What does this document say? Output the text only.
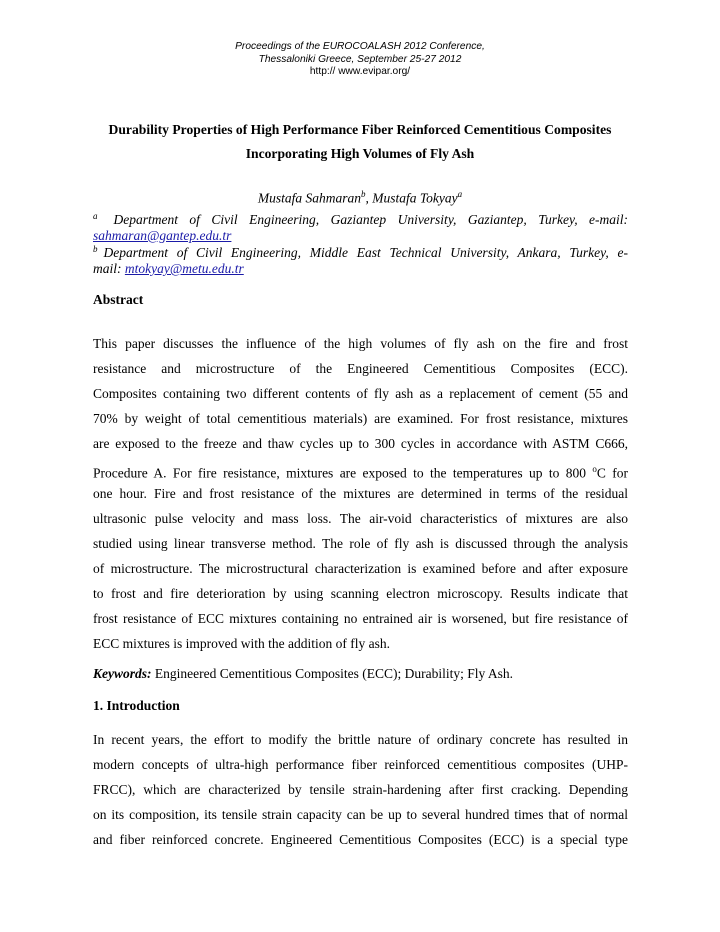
Proceedings of the EUROCOALASH 2012 Conference,
Thessaloniki Greece, September 25-27 2012
http:// www.evipar.org/
Durability Properties of High Performance Fiber Reinforced Cementitious Composites
Incorporating High Volumes of Fly Ash
Mustafa Sahmaran$^b$, Mustafa Tokyay$^a$
$^a$ Department of Civil Engineering, Gaziantep University, Gaziantep, Turkey, e-mail:
sahmaran@gantep.edu.tr
$^b$ Department of Civil Engineering, Middle East Technical University, Ankara, Turkey, e-
mail: mtokyay@metu.edu.tr
Abstract
This paper discusses the influence of the high volumes of fly ash on the fire and frost
resistance and microstructure of the Engineered Cementitious Composites (ECC).
Composites containing two different contents of fly ash as a replacement of cement (55 and
70% by weight of total cementitious materials) are examined. For frost resistance, mixtures
are exposed to the freeze and thaw cycles up to 300 cycles in accordance with ASTM C666,
Procedure A. For fire resistance, mixtures are exposed to the temperatures up to 800 $^o$C for
one hour. Fire and frost resistance of the mixtures are determined in terms of the residual
ultrasonic pulse velocity and mass loss. The air-void characteristics of mixtures are also
studied using linear transverse method. The role of fly ash is discussed through the analysis
of microstructure. The microstructural characterization is examined before and after exposure
to frost and fire deterioration by using scanning electron microscopy. Results indicate that
frost resistance of ECC mixtures containing no entrained air is worsened, but fire resistance of
ECC mixtures is improved with the addition of fly ash.
Keywords: Engineered Cementitious Composites (ECC); Durability; Fly Ash.
1. Introduction
In recent years, the effort to modify the brittle nature of ordinary concrete has resulted in
modern concepts of ultra-high performance fiber reinforced cementitious composites (UHP-
FRCC), which are characterized by tensile strain-hardening after first cracking. Depending
on its composition, its tensile strain capacity can be up to several hundred times that of normal
and fiber reinforced concrete. Engineered Cementitious Composites (ECC) is a special type
